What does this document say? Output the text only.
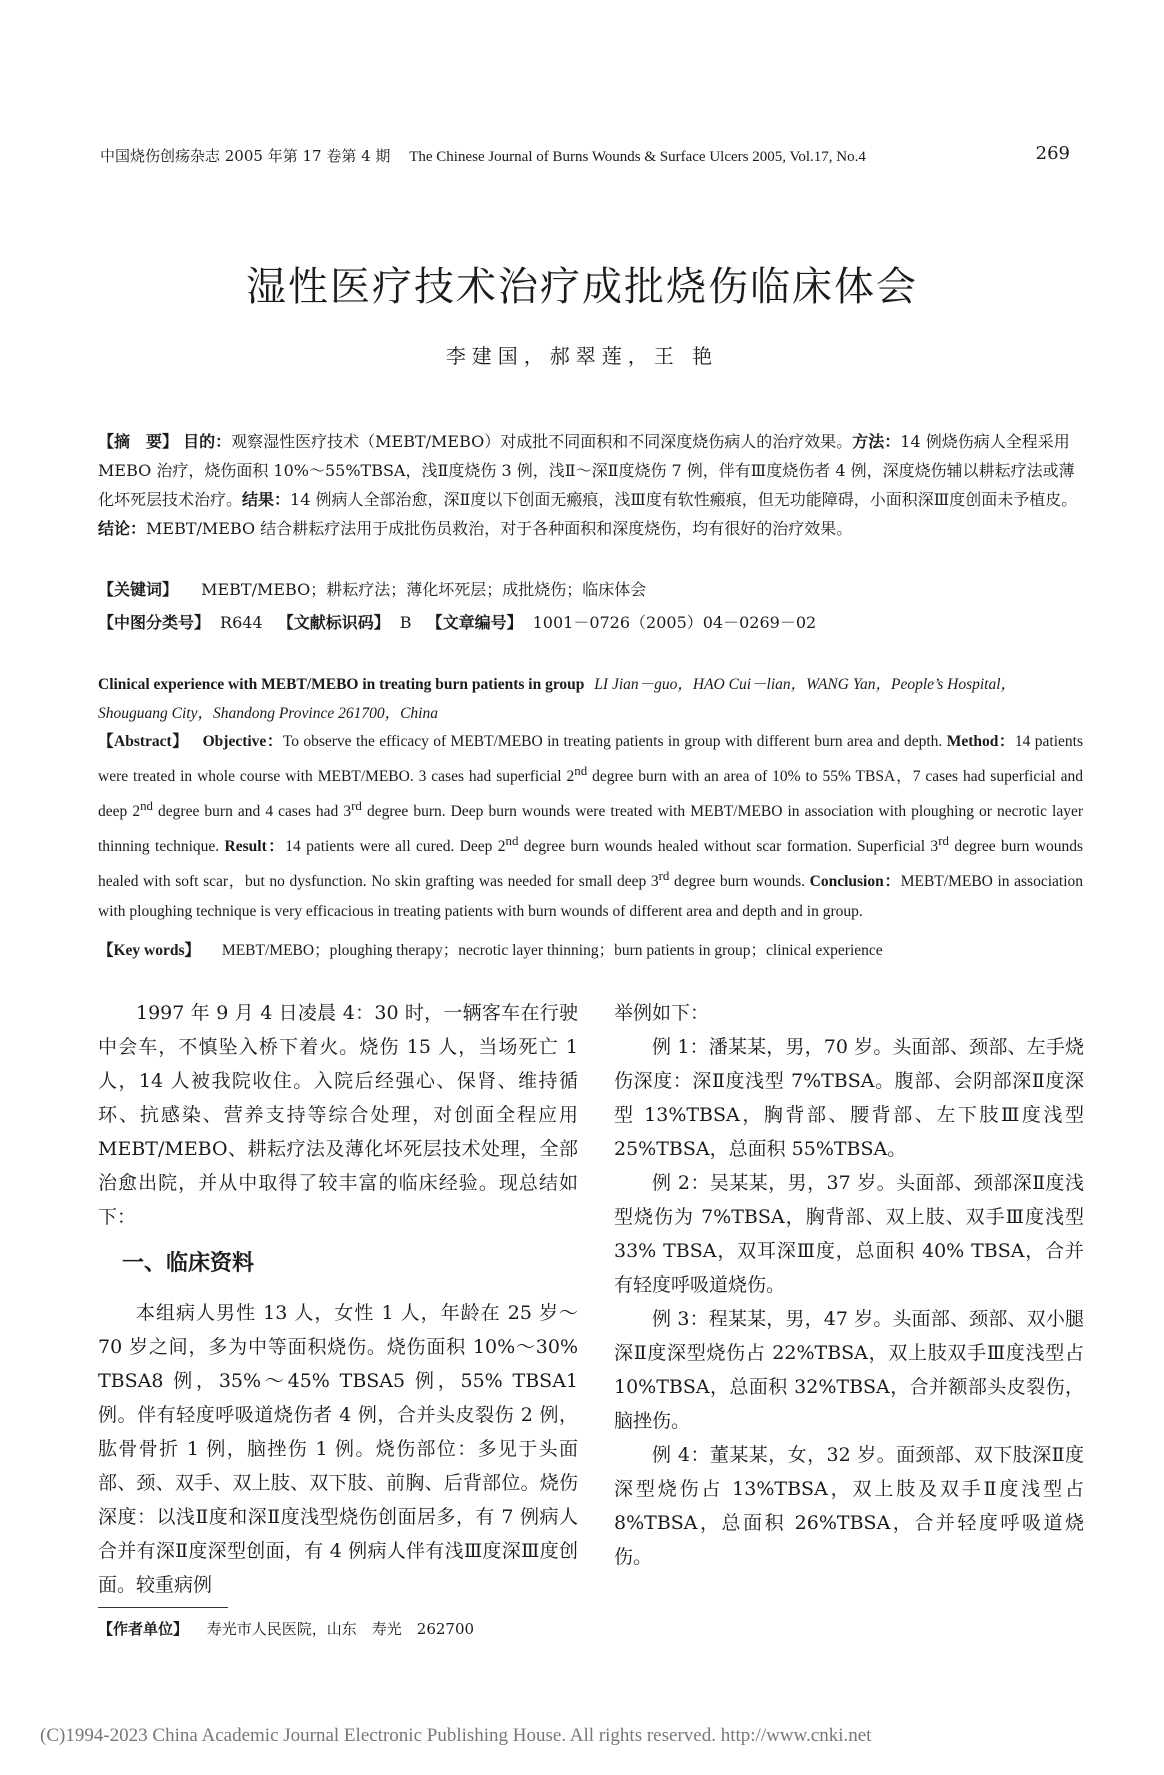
中国烧伤创疡杂志 2005 年第 17 卷第 4 期 The Chinese Journal of Burns Wounds & Surface Ulcers 2005, Vol.17, No.4	269
湿性医疗技术治疗成批烧伤临床体会
李建国，郝翠莲，王 艳
【摘　要】 目的：观察湿性医疗技术（MEBT/MEBO）对成批不同面积和不同深度烧伤病人的治疗效果。方法：14 例烧伤病人全程采用 MEBO 治疗，烧伤面积 10%～55%TBSA，浅Ⅱ度烧伤 3 例，浅Ⅱ～深Ⅱ度烧伤 7 例，伴有Ⅲ度烧伤者 4 例，深度烧伤辅以耕耘疗法或薄化坏死层技术治疗。结果：14 例病人全部治愈，深Ⅱ度以下创面无瘢痕，浅Ⅲ度有软性瘢痕，但无功能障碍，小面积深Ⅲ度创面未予植皮。结论：MEBT/MEBO 结合耕耘疗法用于成批伤员救治，对于各种面积和深度烧伤，均有很好的治疗效果。
【关键词】 MEBT/MEBO；耕耘疗法；薄化坏死层；成批烧伤；临床体会
【中图分类号】 R644 【文献标识码】 B 【文章编号】 1001－0726（2005）04－0269－02
Clinical experience with MEBT/MEBO in treating burn patients in group LI Jian－guo，HAO Cui－lian，WANG Yan，People’s Hospital，Shouguang City，Shandong Province 261700，China
【Abstract】 Objective：To observe the efficacy of MEBT/MEBO in treating patients in group with different burn area and depth. Method：14 patients were treated in whole course with MEBT/MEBO. 3 cases had superficial 2nd degree burn with an area of 10% to 55% TBSA，7 cases had superficial and deep 2nd degree burn and 4 cases had 3rd degree burn. Deep burn wounds were treated with MEBT/MEBO in association with ploughing or necrotic layer thinning technique. Result：14 patients were all cured. Deep 2nd degree burn wounds healed without scar formation. Superficial 3rd degree burn wounds healed with soft scar，but no dysfunction. No skin grafting was needed for small deep 3rd degree burn wounds. Conclusion：MEBT/MEBO in association with ploughing technique is very efficacious in treating patients with burn wounds of different area and depth and in group.
【Key words】 MEBT/MEBO；ploughing therapy；necrotic layer thinning；burn patients in group；clinical experience

1997 年 9 月 4 日凌晨 4：30 时，一辆客车在行驶中会车，不慎坠入桥下着火。烧伤 15 人，当场死亡 1 人，14 人被我院收住。入院后经强心、保肾、维持循环、抗感染、营养支持等综合处理，对创面全程应用 MEBT/MEBO、耕耘疗法及薄化坏死层技术处理，全部治愈出院，并从中取得了较丰富的临床经验。现总结如下：

一、临床资料

本组病人男性 13 人，女性 1 人，年龄在 25 岁～70 岁之间，多为中等面积烧伤。烧伤面积 10%～30% TBSA8 例，35%～45% TBSA5 例，55% TBSA1 例。伴有轻度呼吸道烧伤者 4 例，合并头皮裂伤 2 例，肱骨骨折 1 例，脑挫伤 1 例。烧伤部位：多见于头面部、颈、双手、双上肢、双下肢、前胸、后背部位。烧伤深度：以浅Ⅱ度和深Ⅱ度浅型烧伤创面居多，有 7 例病人合并有深Ⅱ度深型创面，有 4 例病人伴有浅Ⅲ度深Ⅲ度创面。较重病例

举例如下：

例 1：潘某某，男，70 岁。头面部、颈部、左手烧伤深度：深Ⅱ度浅型 7%TBSA。腹部、会阴部深Ⅱ度深型 13%TBSA，胸背部、腰背部、左下肢Ⅲ度浅型 25%TBSA，总面积 55%TBSA。

例 2：吴某某，男，37 岁。头面部、颈部深Ⅱ度浅型烧伤为 7%TBSA，胸背部、双上肢、双手Ⅲ度浅型 33% TBSA，双耳深Ⅲ度，总面积 40% TBSA，合并有轻度呼吸道烧伤。

例 3：程某某，男，47 岁。头面部、颈部、双小腿深Ⅱ度深型烧伤占 22%TBSA，双上肢双手Ⅲ度浅型占 10%TBSA，总面积 32%TBSA，合并额部头皮裂伤，脑挫伤。

例 4：董某某，女，32 岁。面颈部、双下肢深Ⅱ度深型烧伤占 13%TBSA，双上肢及双手Ⅱ度浅型占 8%TBSA，总面积 26%TBSA，合并轻度呼吸道烧伤。

【作者单位】 寿光市人民医院，山东　寿光　262700
(C)1994-2023 China Academic Journal Electronic Publishing House. All rights reserved. http://www.cnki.net
